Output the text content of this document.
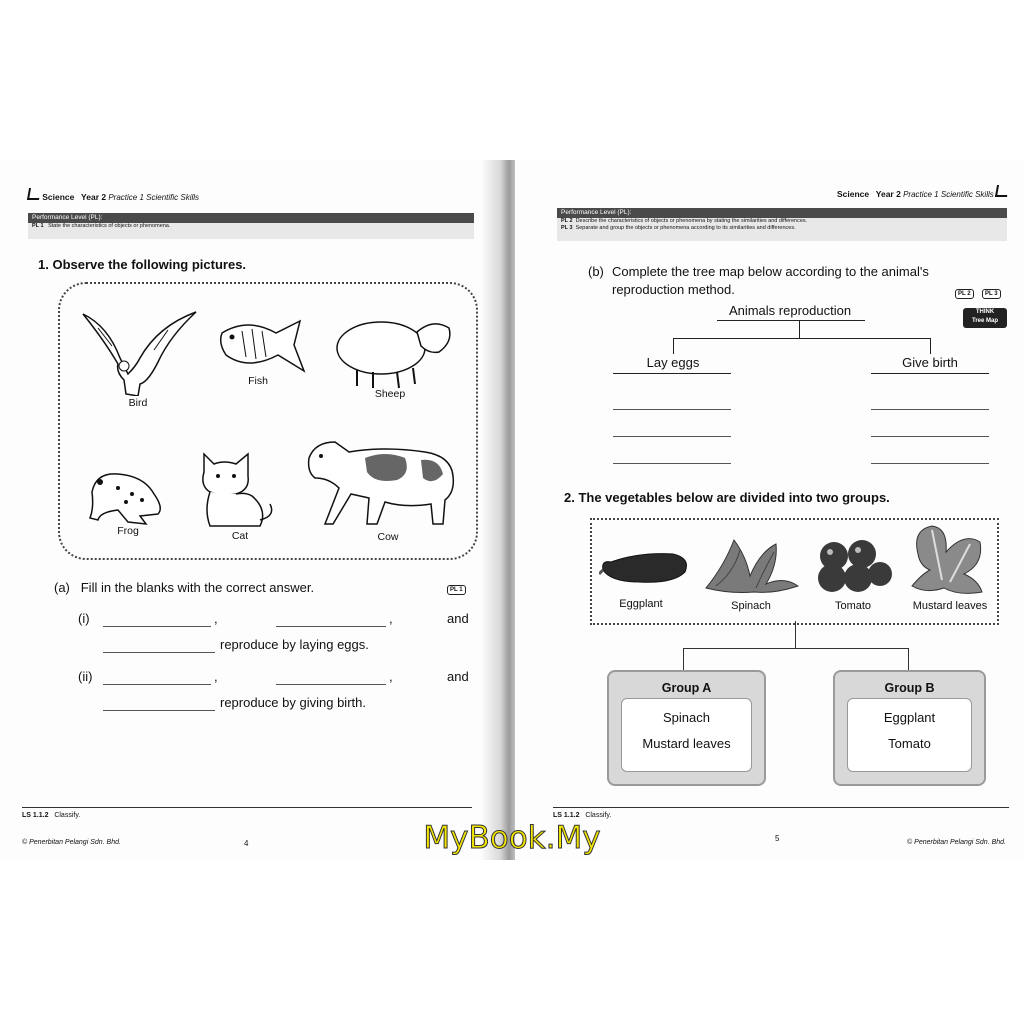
Science Year 2 Practice 1 Scientific Skills
Performance Level (PL):
PL 1 State the characteristics of objects or phenomena.
1. Observe the following pictures.
Bird
Fish
Sheep
Frog	Cat	Cow
(a) Fill in the blanks with the correct answer.	PL 1
(i)	,	,	and
reproduce by laying eggs.
(ii)	,	,	and
reproduce by giving birth.
LS 1.1.2 Classify.
© Penerbitan Pelangi Sdn. Bhd.	4
Science Year 2 Practice 1 Scientific Skills
Performance Level (PL):
PL 2 Describe the characteristics of objects or phenomena by stating the similarities and differences.
PL 3 Separate and group the objects or phenomena according to its similarities and differences.
(b) Complete the tree map below according to the animal's
reproduction method.	PL 2	PL 3
THINK
Tree Map
Animals reproduction
Lay eggs	Give birth
2. The vegetables below are divided into two groups.
Eggplant	Spinach	Tomato	Mustard leaves
Group A
Spinach
Mustard leaves
Group B
Eggplant
Tomato
LS 1.1.2 Classify.
5	© Penerbitan Pelangi Sdn. Bhd.
MyBook.My
